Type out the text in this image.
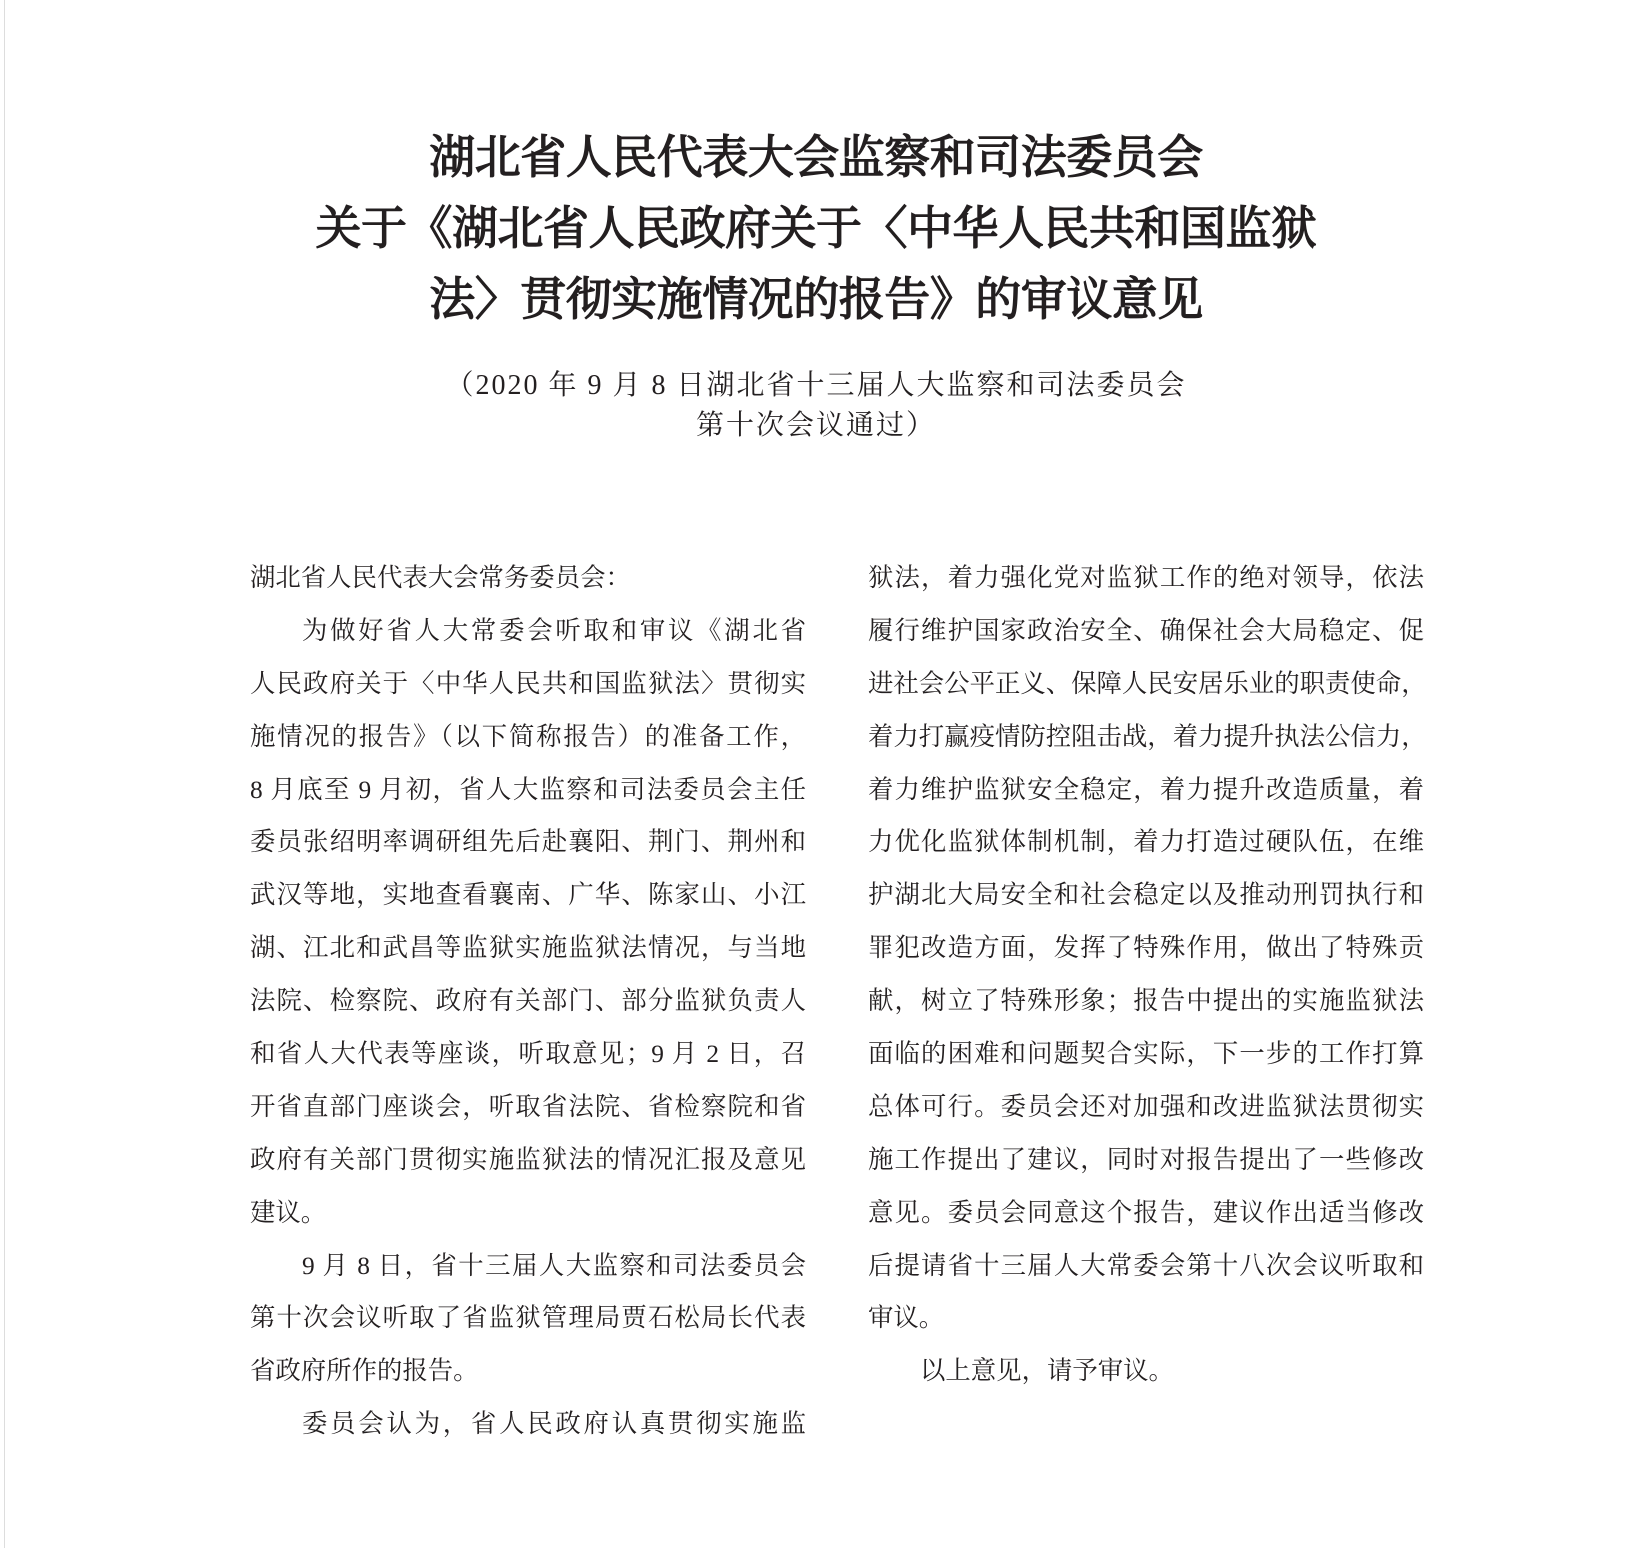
湖北省人民代表大会监察和司法委员会
关于《湖北省人民政府关于〈中华人民共和国监狱
法〉贯彻实施情况的报告》的审议意见
（2020 年 9 月 8 日湖北省十三届人大监察和司法委员会
第十次会议通过）
湖北省人民代表大会常务委员会：
为做好省人大常委会听取和审议《湖北省
人民政府关于〈中华人民共和国监狱法〉贯彻实
施情况的报告》（以下简称报告）的准备工作，
8 月底至 9 月初，省人大监察和司法委员会主任
委员张绍明率调研组先后赴襄阳、荆门、荆州和
武汉等地，实地查看襄南、广华、陈家山、小江
湖、江北和武昌等监狱实施监狱法情况，与当地
法院、检察院、政府有关部门、部分监狱负责人
和省人大代表等座谈，听取意见；9 月 2 日，召
开省直部门座谈会，听取省法院、省检察院和省
政府有关部门贯彻实施监狱法的情况汇报及意见
建议。
9 月 8 日，省十三届人大监察和司法委员会
第十次会议听取了省监狱管理局贾石松局长代表
省政府所作的报告。
委员会认为，省人民政府认真贯彻实施监
狱法，着力强化党对监狱工作的绝对领导，依法
履行维护国家政治安全、确保社会大局稳定、促
进社会公平正义、保障人民安居乐业的职责使命，
着力打赢疫情防控阻击战，着力提升执法公信力，
着力维护监狱安全稳定，着力提升改造质量，着
力优化监狱体制机制，着力打造过硬队伍，在维
护湖北大局安全和社会稳定以及推动刑罚执行和
罪犯改造方面，发挥了特殊作用，做出了特殊贡
献，树立了特殊形象；报告中提出的实施监狱法
面临的困难和问题契合实际，下一步的工作打算
总体可行。委员会还对加强和改进监狱法贯彻实
施工作提出了建议，同时对报告提出了一些修改
意见。委员会同意这个报告，建议作出适当修改
后提请省十三届人大常委会第十八次会议听取和
审议。
以上意见，请予审议。
